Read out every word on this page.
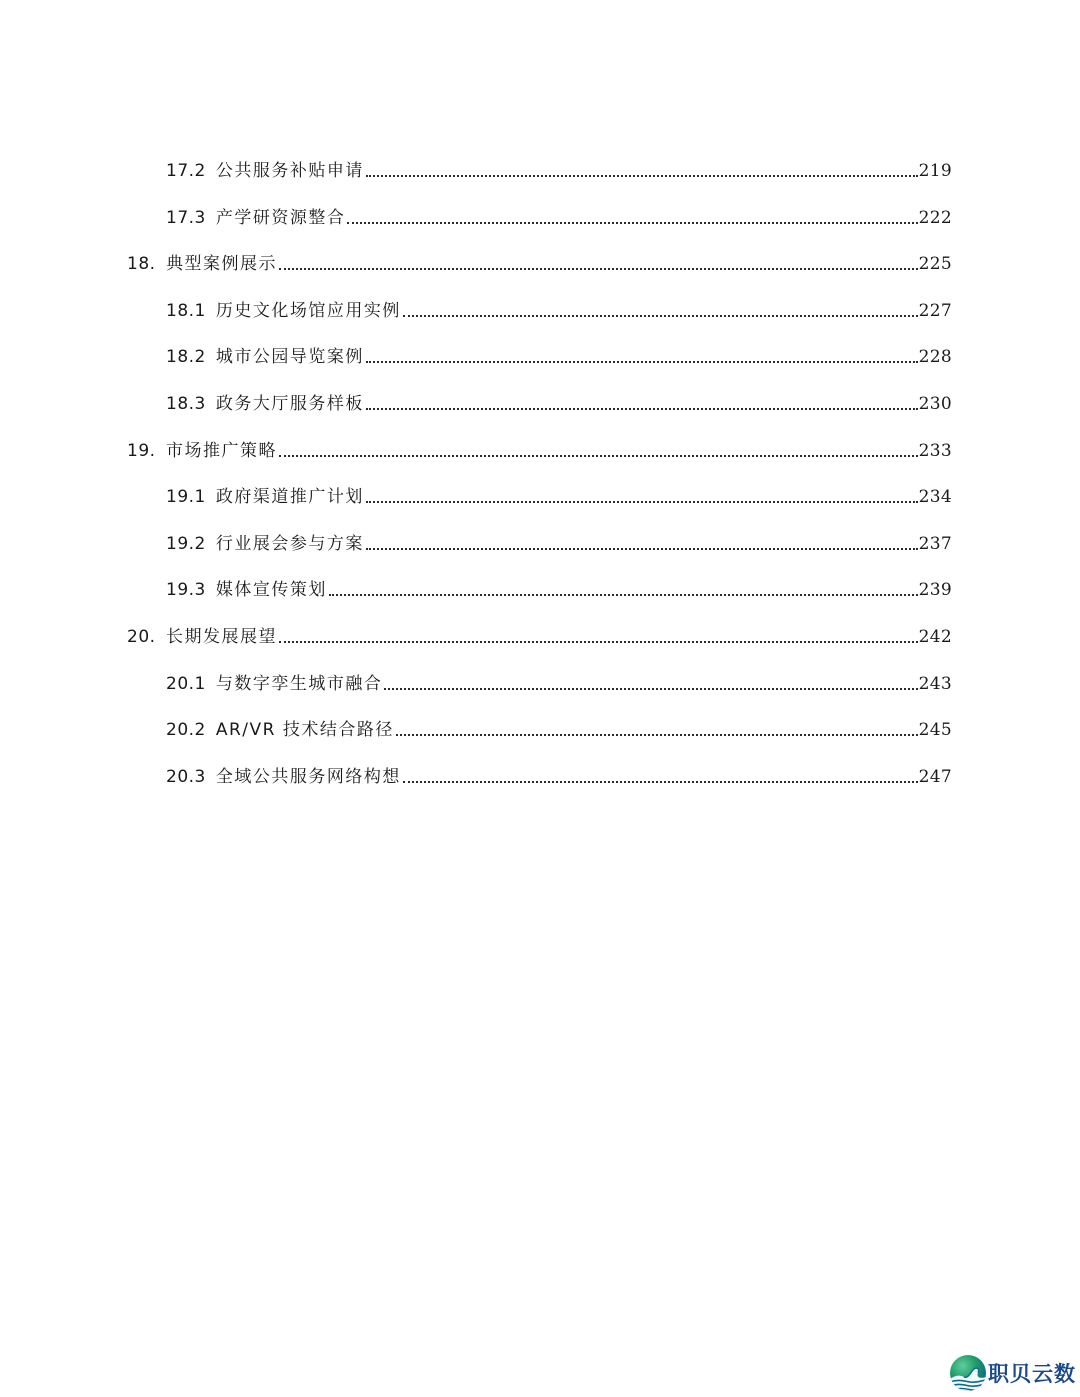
17.2 公共服务补贴申请	219
17.3 产学研资源整合	222
18. 典型案例展示	225
18.1 历史文化场馆应用实例	227
18.2 城市公园导览案例	228
18.3 政务大厅服务样板	230
19. 市场推广策略	233
19.1 政府渠道推广计划	234
19.2 行业展会参与方案	237
19.3 媒体宣传策划	239
20. 长期发展展望	242
20.1 与数字孪生城市融合	243
20.2 AR/VR 技术结合路径	245
20.3 全域公共服务网络构想	247
职贝云数
